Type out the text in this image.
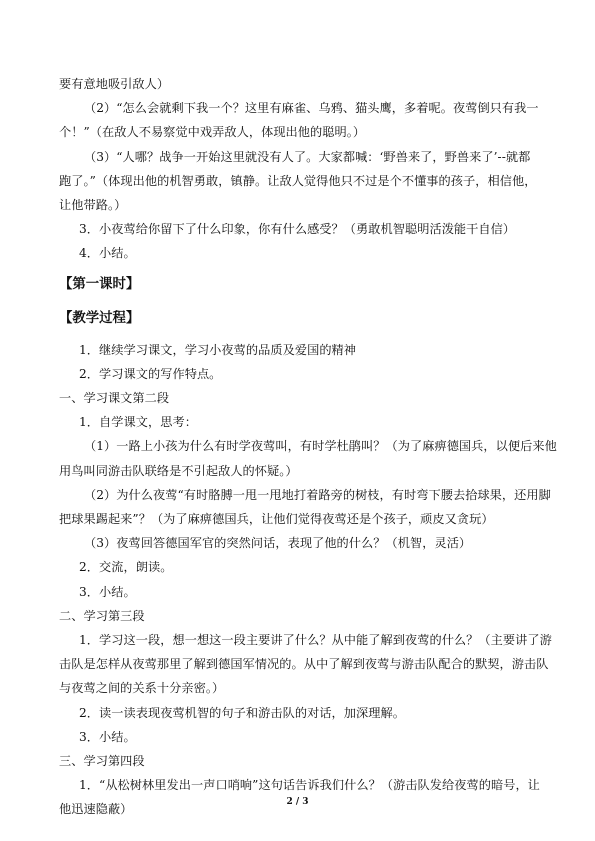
要有意地吸引敌人）
（2）“怎么会就剩下我一个？这里有麻雀、乌鸦、猫头鹰，多着呢。夜莺倒只有我一
个！”（在敌人不易察觉中戏弄敌人，体现出他的聪明。）
（3）“人哪？战争一开始这里就没有人了。大家都喊：‘野兽来了，野兽来了’--就都
跑了。”（体现出他的机智勇敢，镇静。让敌人觉得他只不过是个不懂事的孩子，相信他，
让他带路。）
3．小夜莺给你留下了什么印象，你有什么感受？（勇敢机智聪明活泼能干自信）
4．小结。
【第一课时】
【教学过程】
1．继续学习课文，学习小夜莺的品质及爱国的精神
2．学习课文的写作特点。
一、学习课文第二段
1．自学课文，思考：
（1）一路上小孩为什么有时学夜莺叫，有时学杜鹃叫？（为了麻痹德国兵，以便后来他
用鸟叫同游击队联络是不引起敌人的怀疑。）
（2）为什么夜莺“有时胳膊一甩一甩地打着路旁的树枝，有时弯下腰去拾球果，还用脚
把球果踢起来”？（为了麻痹德国兵，让他们觉得夜莺还是个孩子，顽皮又贪玩）
（3）夜莺回答德国军官的突然问话，表现了他的什么？（机智，灵活）
2．交流，朗读。
3．小结。
二、学习第三段
1．学习这一段，想一想这一段主要讲了什么？从中能了解到夜莺的什么？（主要讲了游
击队是怎样从夜莺那里了解到德国军情况的。从中了解到夜莺与游击队配合的默契，游击队
与夜莺之间的关系十分亲密。）
2．读一读表现夜莺机智的句子和游击队的对话，加深理解。
3．小结。
三、学习第四段
1．“从松树林里发出一声口哨响”这句话告诉我们什么？（游击队发给夜莺的暗号，让
他迅速隐蔽）
2 / 3
